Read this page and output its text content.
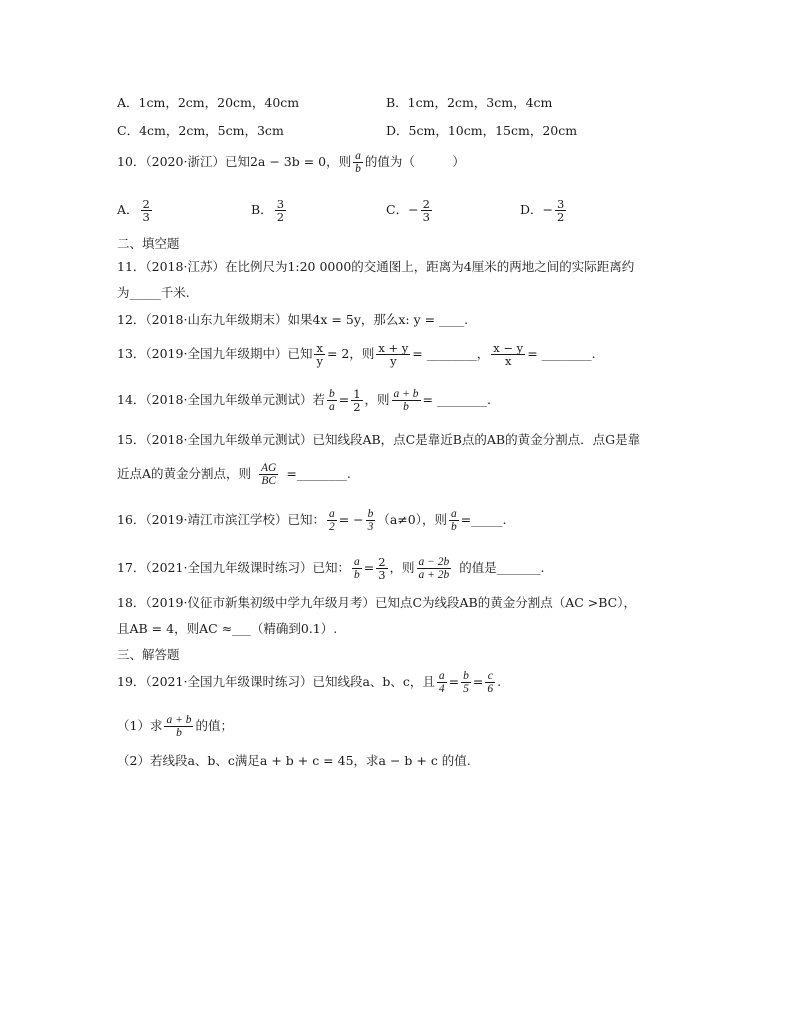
A．1cm，2cm，20cm，40cm	B．1cm，2cm，3cm，4cm
C．4cm，2cm，5cm，3cm	D．5cm，10cm，15cm，20cm
10．（2020·浙江）已知2a − 3b = 0，则 $\frac{a}{b}$ 的值为（　　　）
A． $\frac{2}{3}$	B． $\frac{3}{2}$	C．− $\frac{2}{3}$	D．− $\frac{3}{2}$
二、填空题
11．（2018·江苏）在比例尺为1:20 0000的交通图上，距离为4厘米的两地之间的实际距离约
为_____千米.
12．（2018·山东九年级期末）如果4x = 5y，那么x: y = ____.
13．（2019·全国九年级期中）已知 $\frac{x}{y} = 2$，则 $\frac{x + y}{y}$ = ________， $\frac{x - y}{x}$ = ________.
14．（2018·全国九年级单元测试）若 $\frac{b}{a} = \frac{1}{2}$ ，则 $\frac{a + b}{b}$ = ________.
15．（2018·全国九年级单元测试）已知线段AB，点C是靠近B点的AB的黄金分割点．点G是靠
近点A的黄金分割点，则 $\frac{AG}{BC}$ =________.
16．（2019·靖江市滨江学校）已知： $\frac{a}{2}$ = − $\frac{b}{3} (a\ne 0)$，则 $\frac{a}{b}$ =_____.
17．（2021·全国九年级课时练习）已知： $\frac{a}{b} = \frac{2}{3}$ ，则 $\frac{a - 2b}{a + 2b}$ 的值是_______.
18．（2019·仪征市新集初级中学九年级月考）已知点C为线段AB的黄金分割点（AC >BC），
且AB = 4，则AC ≈___（精确到0.1）.
三、解答题
19．（2021·全国九年级课时练习）已知线段a、b、c，且 $\frac{a}{4} = \frac{b}{5} = \frac{c}{6}$ .
（1）求 $\frac{a + b}{b}$ 的值；
（2）若线段a、b、c满足a + b + c = 45，求a − b + c 的值.
